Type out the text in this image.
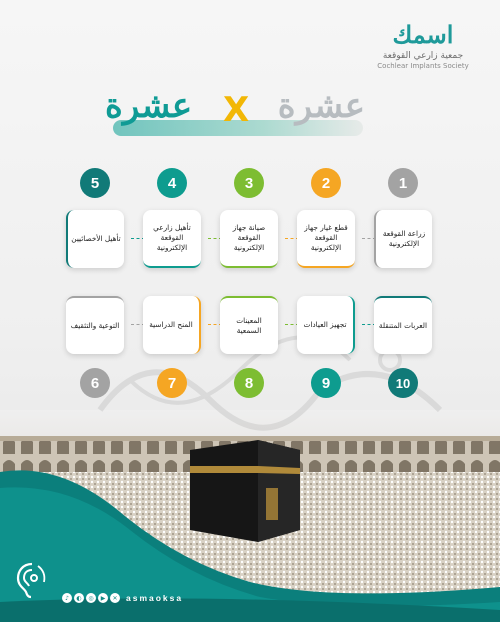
اسمك
جمعية زارعي القوقعة
Cochlear Implants Society
عشرة X عشرة
1
2
3
4
5
زراعة القوقعة الإلكترونية
قطع غيار جهاز القوقعة الإلكترونية
صيانة جهاز القوقعة الإلكترونية
تأهيل زارعي القوقعة الإلكترونية
تأهيل الأخصائيين
التوعية والتثقيف	المنح الدراسية	المعينات السمعية
تجهيز العيادات	العربات المتنقلة
6	7	8	9	10
♪	◐	◎	▶	✕ asmaoksa
